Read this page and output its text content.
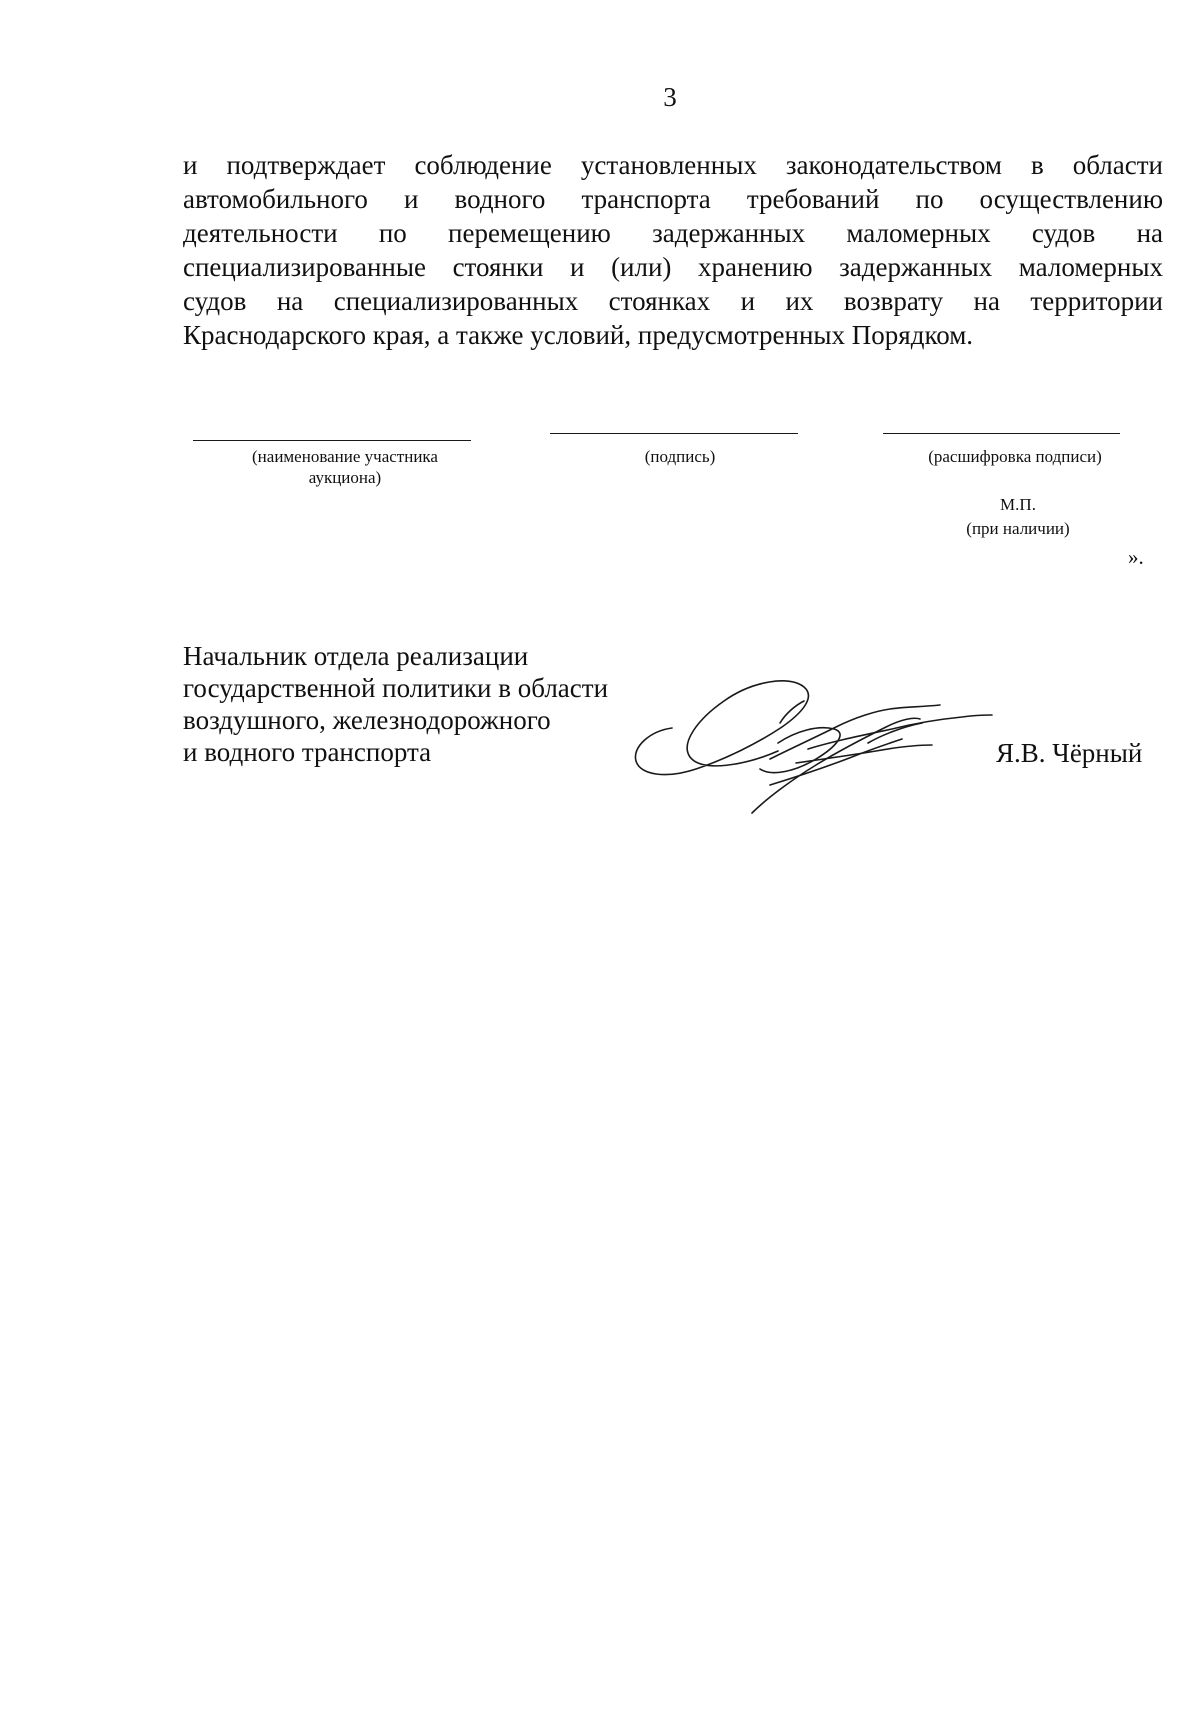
3
и подтверждает соблюдение установленных законодательством в области
автомобильного и водного транспорта требований по осуществлению
деятельности по перемещению задержанных маломерных судов на
специализированные стоянки и (или) хранению задержанных маломерных
судов на специализированных стоянках и их возврату на территории
Краснодарского края, а также условий, предусмотренных Порядком.
(наименование участника
аукциона)
(подпись)	(расшифровка подписи)
М.П.
(при наличии)
».
Начальник отдела реализации
государственной политики в области
воздушного, железнодорожного
и водного транспорта	Я.В. Чёрный
